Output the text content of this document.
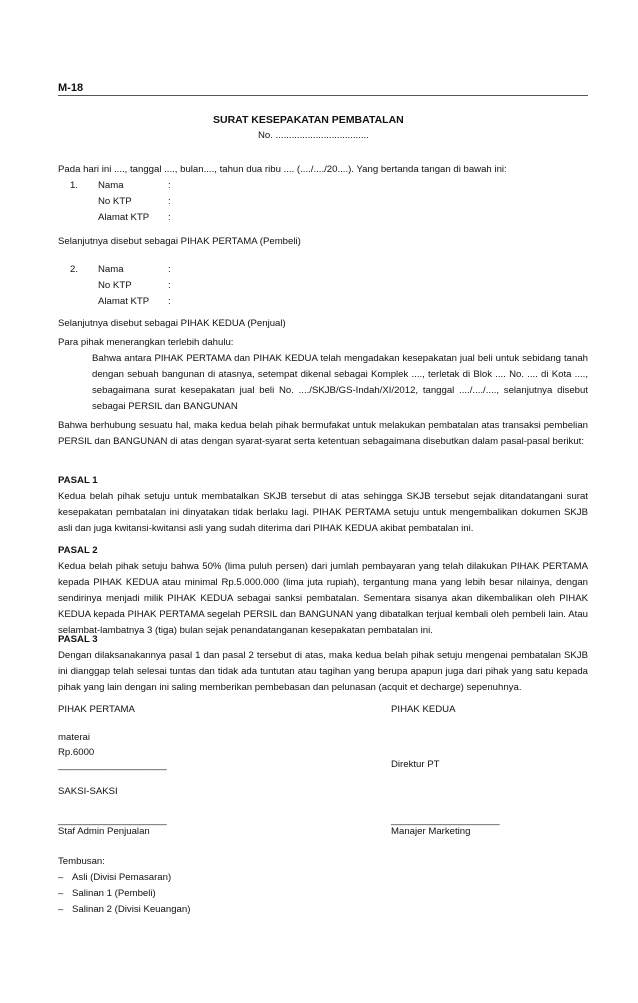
M-18
SURAT KESEPAKATAN PEMBATALAN
No. ...................................

Pada hari ini ...., tanggal ...., bulan...., tahun dua ribu .... (..../..../20....). Yang bertanda tangan di bawah ini:

1.	Nama	:
No KTP	:
Alamat KTP	:
Selanjutnya disebut sebagai PIHAK PERTAMA (Pembeli)
2.	Nama	:
No KTP	:
Alamat KTP	:
Selanjutnya disebut sebagai PIHAK KEDUA (Penjual)

Para pihak menerangkan terlebih dahulu:

Bahwa antara PIHAK PERTAMA dan PIHAK KEDUA telah mengadakan kesepakatan jual beli untuk sebidang tanah dengan sebuah bangunan di atasnya, setempat dikenal sebagai Komplek ...., terletak di Blok .... No. .... di Kota ...., sebagaimana surat kesepakatan jual beli No. ..../SKJB/GS-Indah/XI/2012, tanggal ..../..../...., selanjutnya disebut sebagai PERSIL dan BANGUNAN

Bahwa berhubung sesuatu hal, maka kedua belah pihak bermufakat untuk melakukan pembatalan atas transaksi pembelian PERSIL dan BANGUNAN di atas dengan syarat-syarat serta ketentuan sebagaimana disebutkan dalam pasal-pasal berikut:

PASAL 1

Kedua belah pihak setuju untuk membatalkan SKJB tersebut di atas sehingga SKJB tersebut sejak ditandatangani surat kesepakatan pembatalan ini dinyatakan tidak berlaku lagi. PIHAK PERTAMA setuju untuk mengembalikan dokumen SKJB asli dan juga kwitansi-kwitansi asli yang sudah diterima dari PIHAK KEDUA akibat pembatalan ini.

PASAL 2

Kedua belah pihak setuju bahwa 50% (lima puluh persen) dari jumlah pembayaran yang telah dilakukan PIHAK PERTAMA kepada PIHAK KEDUA atau minimal Rp.5.000.000 (lima juta rupiah), tergantung mana yang lebih besar nilainya, dengan sendirinya menjadi milik PIHAK KEDUA sebagai sanksi pembatalan. Sementara sisanya akan dikembalikan oleh PIHAK KEDUA kepada PIHAK PERTAMA segelah PERSIL dan BANGUNAN yang dibatalkan terjual kembali oleh pembeli lain. Atau selambat-lambatnya 3 (tiga) bulan sejak penandatanganan kesepakatan pembatalan ini.

PASAL 3

Dengan dilaksanakannya pasal 1 dan pasal 2 tersebut di atas, maka kedua belah pihak setuju mengenai pembatalan SKJB ini dianggap telah selesai tuntas dan tidak ada tuntutan atau tagihan yang berupa apapun juga dari pihak yang satu kepada pihak yang lain dengan ini saling memberikan pembebasan dan pelunasan (acquit et decharge) sepenuhnya.

PIHAK PERTAMA	PIHAK KEDUA
materai
Rp.6000
________________________	Direktur PT
SAKSI-SAKSI
________________________	________________________
Staf Admin Penjualan	Manajer Marketing

Tembusan:

– Asli (Divisi Pemasaran)
– Salinan 1 (Pembeli)
– Salinan 2 (Divisi Keuangan)
